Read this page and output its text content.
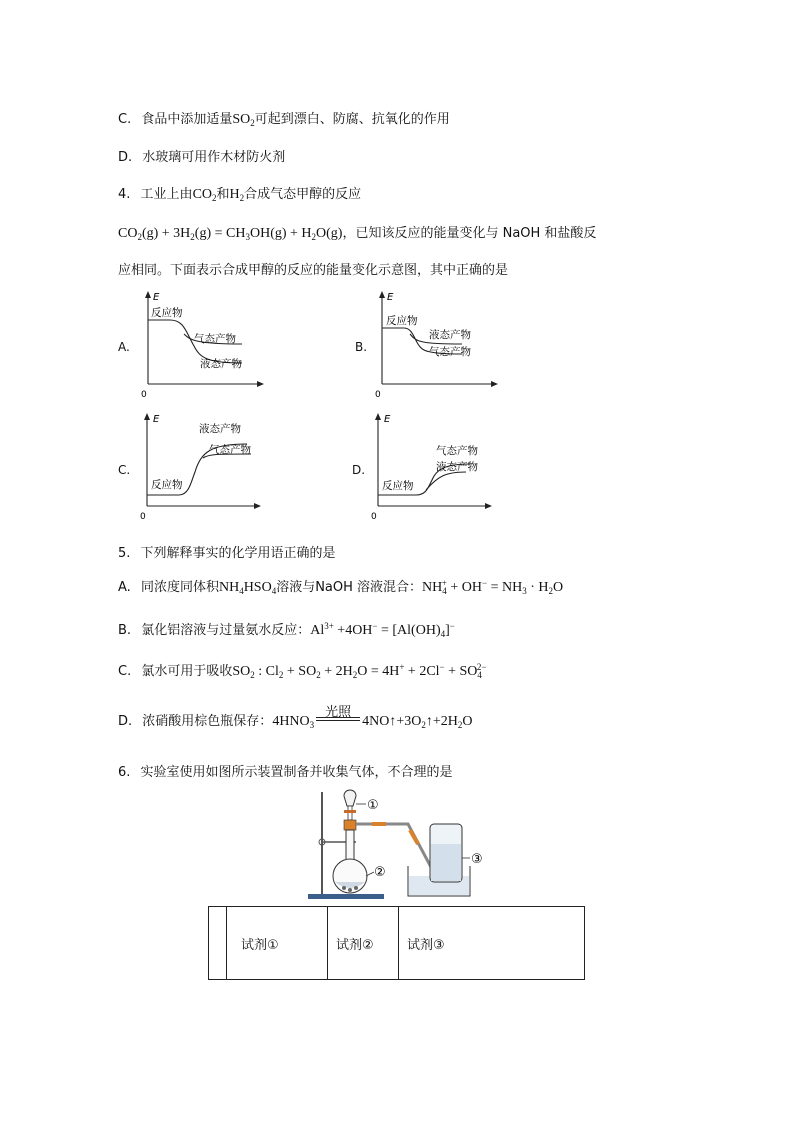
C. 食品中添加适量$SO_2$可起到漂白、防腐、抗氧化的作用
D. 水玻璃可用作木材防火剂
4. 工业上由$CO_2$和$H_2$合成气态甲醇的反应
$CO_2(g) + 3H_2(g) = CH_3OH(g) + H_2O(g)$，已知该反应的能量变化与 NaOH 和盐酸反
应相同。下面表示合成甲醇的反应的能量变化示意图，其中正确的是
A.
E
0
反应物
气态产物
液态产物
B.
E
0
反应物
液态产物
气态产物
C.
E
0
反应物
液态产物
气态产物
D.
E
0
反应物
气态产物
液态产物
5. 下列解释事实的化学用语正确的是
A. 同浓度同体积$NH_4HSO_4$溶液与NaOH 溶液混合：$NH_4^+ + OH^- = NH_3 \cdot H_2O$
B. 氯化铝溶液与过量氨水反应：$Al^{3+} +4OH^- = [Al(OH)_4]^-$
C. 氯水可用于吸收$SO_2$ : $Cl_2 + SO_2 + 2H_2O = 4H^+ + 2Cl^- + SO_4^{2-}$
D. 浓硝酸用棕色瓶保存：$4HNO_3$
光照
$4NO↑+3O_2↑+2H_2O$
6. 实验室使用如图所示装置制备并收集气体，不合理的是
①
②
③
	试剂①	试剂②	试剂③
